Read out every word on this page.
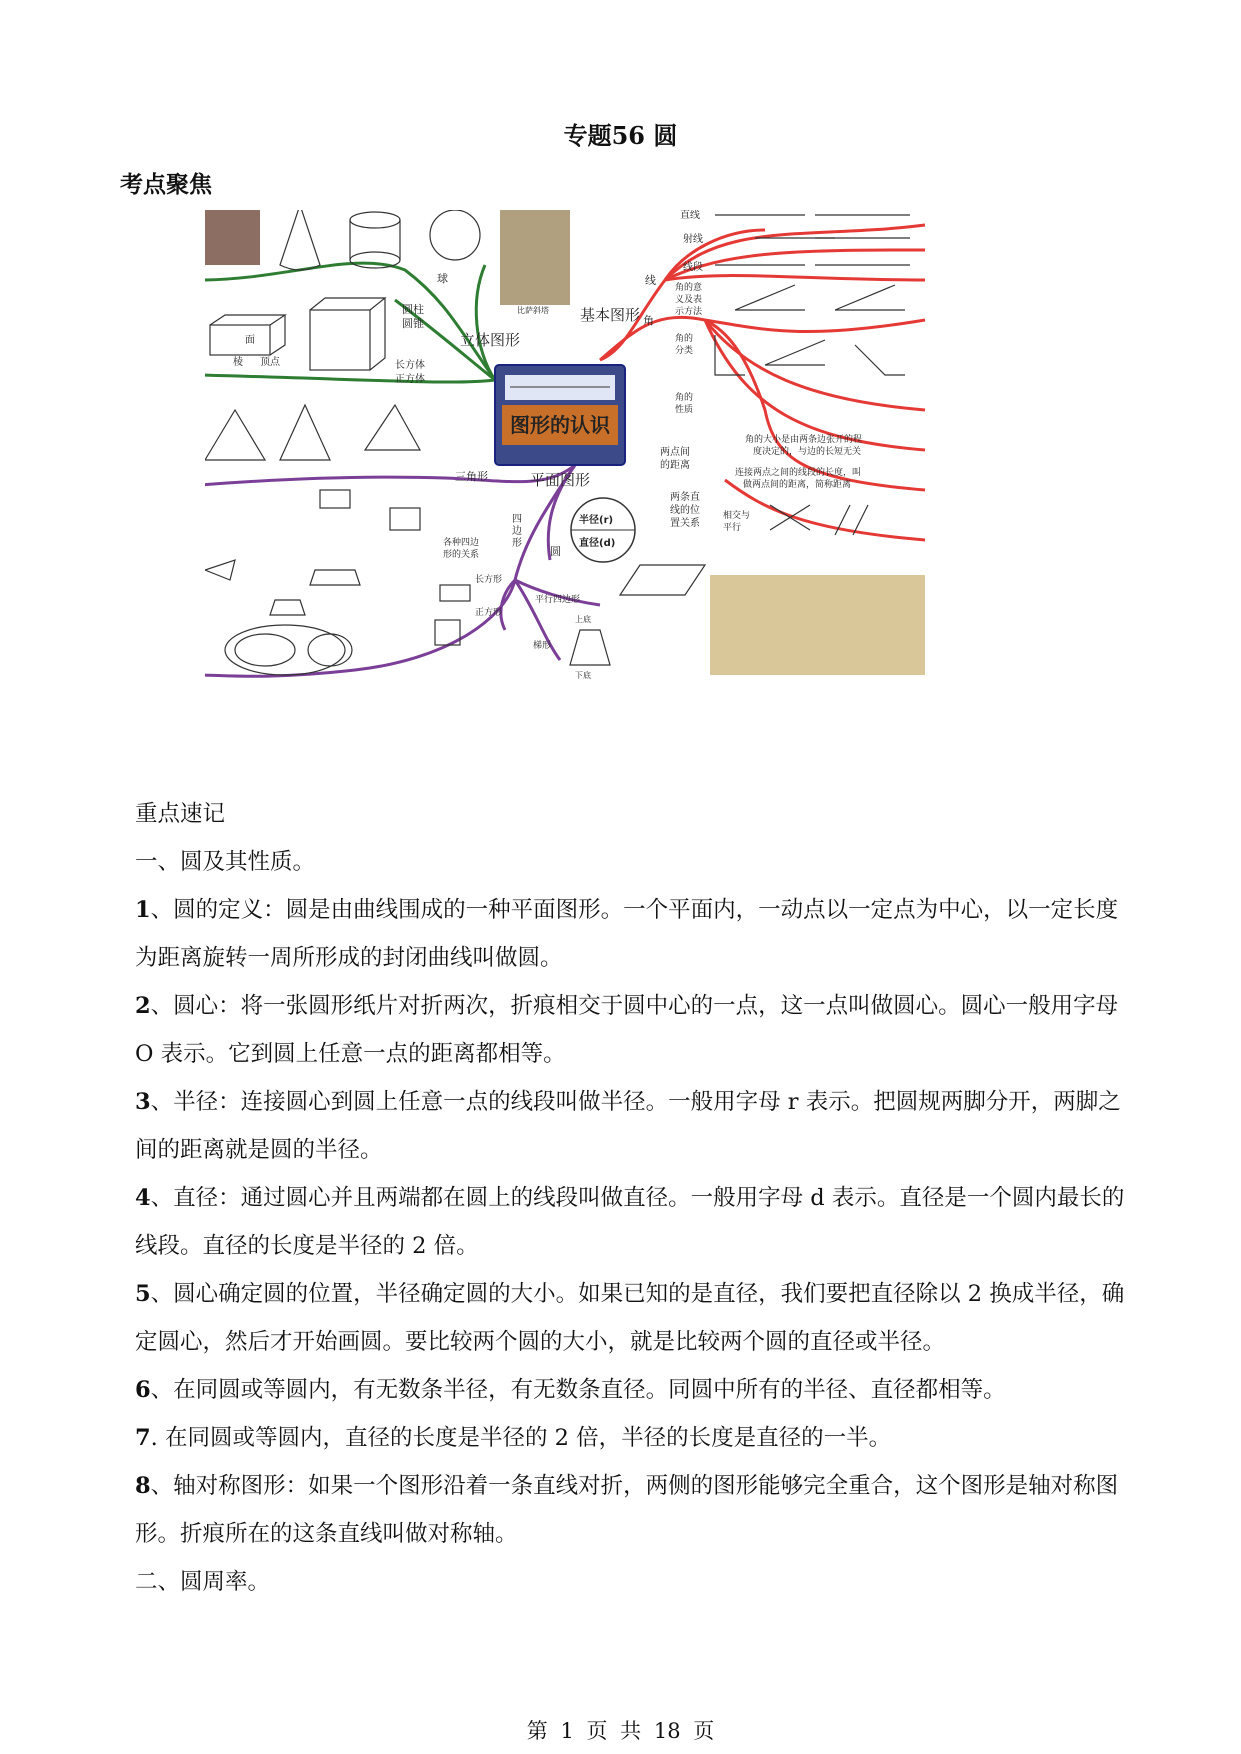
专题56 圆
考点聚焦
图形的认识
立体图形
基本图形
平面图形
比萨斜塔
圆柱
圆锥
长方体
正方体
球
面
棱 顶点
线
角
直线
射线
线段
角的意
义及表
示方法
角的
分类
角的
性质
两点间
的距离
两条直
线的位
置关系
相交与
平行
角的大小是由两条边张开的程
度决定的，与边的长短无关
连接两点之间的线段的长度，叫
做两点间的距离，简称距离
半径(r)
直径(d)
圆
三角形
四
边
形
各种四边
形的关系
长方形
正方形
平行四边形
梯形
上底
下底

重点速记

一、圆及其性质。

1、圆的定义：圆是由曲线围成的一种平面图形。一个平面内，一动点以一定点为中心，以一定长度为距离旋转一周所形成的封闭曲线叫做圆。

2、圆心：将一张圆形纸片对折两次，折痕相交于圆中心的一点，这一点叫做圆心。圆心一般用字母 O 表示。它到圆上任意一点的距离都相等。

3、半径：连接圆心到圆上任意一点的线段叫做半径。一般用字母 r 表示。把圆规两脚分开，两脚之间的距离就是圆的半径。

4、直径：通过圆心并且两端都在圆上的线段叫做直径。一般用字母 d 表示。直径是一个圆内最长的线段。直径的长度是半径的 2 倍。

5、圆心确定圆的位置，半径确定圆的大小。如果已知的是直径，我们要把直径除以 2 换成半径，确定圆心，然后才开始画圆。要比较两个圆的大小，就是比较两个圆的直径或半径。

6、在同圆或等圆内，有无数条半径，有无数条直径。同圆中所有的半径、直径都相等。

7. 在同圆或等圆内，直径的长度是半径的 2 倍，半径的长度是直径的一半。

8、轴对称图形：如果一个图形沿着一条直线对折，两侧的图形能够完全重合，这个图形是轴对称图形。折痕所在的这条直线叫做对称轴。

二、圆周率。

第 1 页 共 18 页
